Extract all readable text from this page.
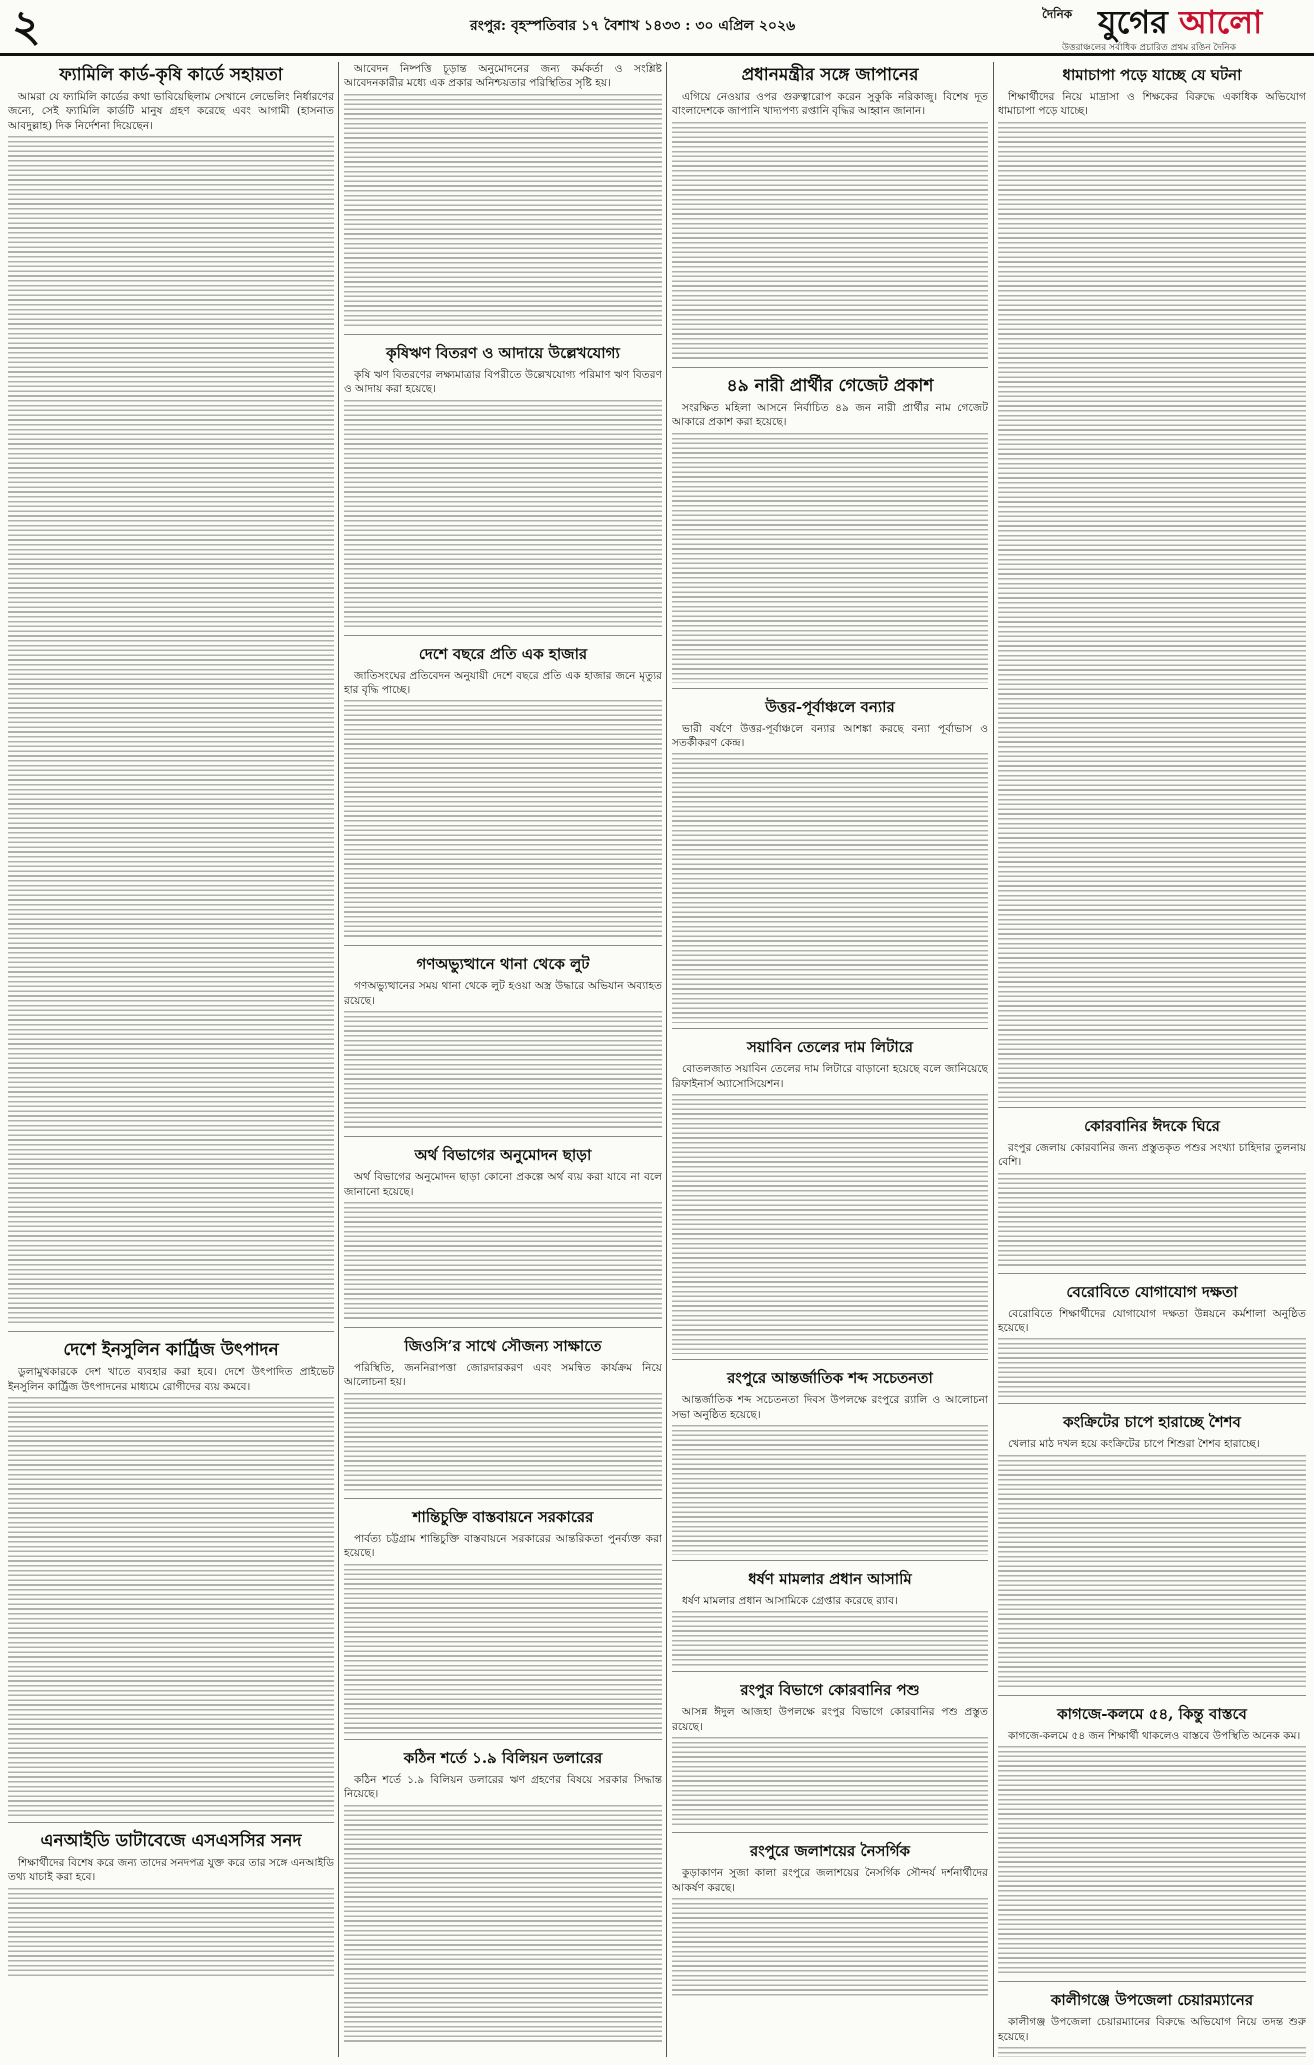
২	রংপুর: বৃহস্পতিবার ১৭ বৈশাখ ১৪৩৩ : ৩০ এপ্রিল ২০২৬
দৈনিক যুগের আলো
উত্তরাঞ্চলের সর্বাধিক প্রচারিত প্রথম রঙিন দৈনিক
ফ্যামিলি কার্ড-কৃষি কার্ডে সহায়তা

আমরা যে ফ্যামিলি কার্ডের কথা ভাবিয়েছিলাম সেখানে লেভেলিং নির্ধারণের জন্যে, সেই ফ্যামিলি কার্ডটি মানুষ গ্রহণ করেছে এবং আগামী (হাসনাত আবদুল্লাহ) দিক নির্দেশনা দিয়েছেন।

দেশে ইনসুলিন কার্ট্রিজ উৎপাদন

ডুলামুখকারকে দেশ খাতে ব্যবহার করা হবে। দেশে উৎপাদিত প্রাইভেট ইনসুলিন কার্ট্রিজ উৎপাদনের মাধ্যমে রোগীদের ব্যয় কমবে।

এনআইডি ডাটাবেজে এসএসসির সনদ

শিক্ষার্থীদের বিশেষ করে জন্য তাদের সনদপত্র যুক্ত করে তার সঙ্গে এনআইডি তথ্য যাচাই করা হবে।

আবেদন নিষ্পত্তি চূড়ান্ত অনুমোদনের জন্য কর্মকর্তা ও সংশ্লিষ্ট আবেদনকারীর মধ্যে এক প্রকার অনিশ্চয়তার পরিস্থিতির সৃষ্টি হয়।

কৃষিঋণ বিতরণ ও আদায়ে উল্লেখযোগ্য

কৃষি ঋণ বিতরণের লক্ষ্যমাত্রার বিপরীতে উল্লেখযোগ্য পরিমাণ ঋণ বিতরণ ও আদায় করা হয়েছে।

দেশে বছরে প্রতি এক হাজার

জাতিসংঘের প্রতিবেদন অনুযায়ী দেশে বছরে প্রতি এক হাজার জনে মৃত্যুর হার বৃদ্ধি পাচ্ছে।

গণঅভ্যুত্থানে থানা থেকে লুট

গণঅভ্যুত্থানের সময় থানা থেকে লুট হওয়া অস্ত্র উদ্ধারে অভিযান অব্যাহত রয়েছে।

অর্থ বিভাগের অনুমোদন ছাড়া

অর্থ বিভাগের অনুমোদন ছাড়া কোনো প্রকল্পে অর্থ ব্যয় করা যাবে না বলে জানানো হয়েছে।

জিওসি’র সাথে সৌজন্য সাক্ষাতে

পরিস্থিতি, জননিরাপত্তা জোরদারকরণ এবং সমন্বিত কার্যক্রম নিয়ে আলোচনা হয়।

শান্তিচুক্তি বাস্তবায়নে সরকারের

পার্বত্য চট্টগ্রাম শান্তিচুক্তি বাস্তবায়নে সরকারের আন্তরিকতা পুনর্ব্যক্ত করা হয়েছে।

কঠিন শর্তে ১.৯ বিলিয়ন ডলারের

কঠিন শর্তে ১.৯ বিলিয়ন ডলারের ঋণ গ্রহণের বিষয়ে সরকার সিদ্ধান্ত নিয়েছে।

প্রধানমন্ত্রীর সঙ্গে জাপানের

এগিয়ে নেওয়ার ওপর গুরুত্বারোপ করেন সুকুকি নরিকাজু। বিশেষ দূত বাংলাদেশকে জাপানি খাদ্যপণ্য রপ্তানি বৃদ্ধির আহ্বান জানান।

৪৯ নারী প্রার্থীর গেজেট প্রকাশ

সংরক্ষিত মহিলা আসনে নির্বাচিত ৪৯ জন নারী প্রার্থীর নাম গেজেট আকারে প্রকাশ করা হয়েছে।

উত্তর-পূর্বাঞ্চলে বন্যার

ভারী বর্ষণে উত্তর-পূর্বাঞ্চলে বন্যার আশঙ্কা করছে বন্যা পূর্বাভাস ও সতর্কীকরণ কেন্দ্র।

সয়াবিন তেলের দাম লিটারে

বোতলজাত সয়াবিন তেলের দাম লিটারে বাড়ানো হয়েছে বলে জানিয়েছে রিফাইনার্স অ্যাসোসিয়েশন।

রংপুরে আন্তর্জাতিক শব্দ সচেতনতা

আন্তর্জাতিক শব্দ সচেতনতা দিবস উপলক্ষে রংপুরে র‍্যালি ও আলোচনা সভা অনুষ্ঠিত হয়েছে।

ধর্ষণ মামলার প্রধান আসামি

ধর্ষণ মামলার প্রধান আসামিকে গ্রেপ্তার করেছে র‍্যাব।

রংপুর বিভাগে কোরবানির পশু

আসন্ন ঈদুল আজহা উপলক্ষে রংপুর বিভাগে কোরবানির পশু প্রস্তুত রয়েছে।

রংপুরে জলাশয়ের নৈসর্গিক

কুড়াকাণন সুজা কালা রংপুরে জলাশয়ের নৈসর্গিক সৌন্দর্য দর্শনার্থীদের আকর্ষণ করছে।

ধামাচাপা পড়ে যাচ্ছে যে ঘটনা

শিক্ষার্থীদের নিয়ে মাদ্রাসা ও শিক্ষকের বিরুদ্ধে একাধিক অভিযোগ ধামাচাপা পড়ে যাচ্ছে।

কোরবানির ঈদকে ঘিরে

রংপুর জেলায় কোরবানির জন্য প্রস্তুতকৃত পশুর সংখ্যা চাহিদার তুলনায় বেশি।

বেরোবিতে যোগাযোগ দক্ষতা

বেরোবিতে শিক্ষার্থীদের যোগাযোগ দক্ষতা উন্নয়নে কর্মশালা অনুষ্ঠিত হয়েছে।

কংক্রিটের চাপে হারাচ্ছে শৈশব

খেলার মাঠ দখল হয়ে কংক্রিটের চাপে শিশুরা শৈশব হারাচ্ছে।

কাগজে-কলমে ৫৪, কিন্তু বাস্তবে

কাগজে-কলমে ৫৪ জন শিক্ষার্থী থাকলেও বাস্তবে উপস্থিতি অনেক কম।

কালীগঞ্জে উপজেলা চেয়ারম্যানের

কালীগঞ্জ উপজেলা চেয়ারম্যানের বিরুদ্ধে অভিযোগ নিয়ে তদন্ত শুরু হয়েছে।
